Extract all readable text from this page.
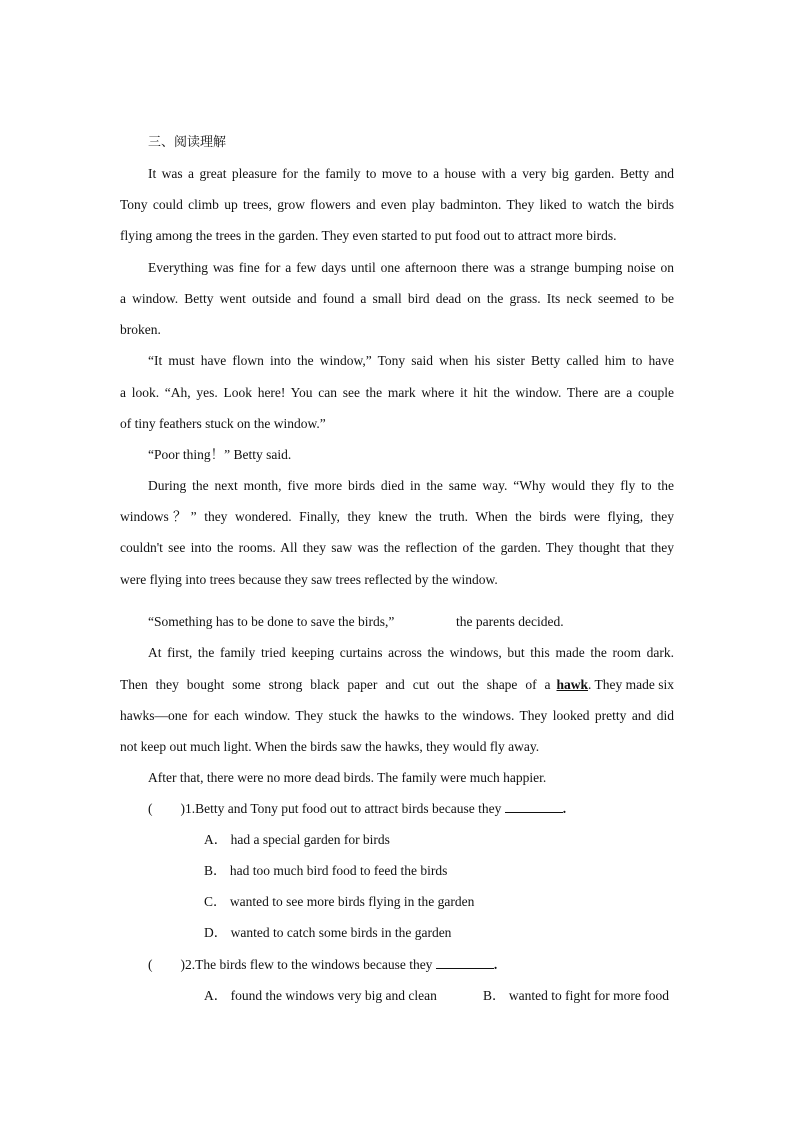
三、阅读理解
It was a great pleasure for the family to move to a house with a very big garden. Betty and
Tony could climb up trees, grow flowers and even play badminton. They liked to watch the birds
flying among the trees in the garden. They even started to put food out to attract more birds.
Everything was fine for a few days until one afternoon there was a strange bumping noise on
a window. Betty went outside and found a small bird dead on the grass. Its neck seemed to be
broken.
“It must have flown into the window,” Tony said when his sister Betty called him to have
a look. “Ah, yes. Look here! You can see the mark where it hit the window. There are a couple
of tiny feathers stuck on the window.”
“Poor thing！” Betty said.
During the next month, five more birds died in the same way. “Why would they fly to the
windows？” they wondered. Finally, they knew the truth. When the birds were flying, they
couldn't see into the rooms. All they saw was the reflection of the garden. They thought that they
were flying into trees because they saw trees reflected by the window.
“Something has to be done to save the birds,”	the parents decided.
At first, the family tried keeping curtains across the windows, but this made the room dark.
Then they bought some strong black paper and cut out the shape of a hawk . They made six
hawks—one for each window. They stuck the hawks to the windows. They looked pretty and did
not keep out much light. When the birds saw the hawks, they would fly away.
After that, there were no more dead birds. The family were much happier.
( )1.Betty and Tony put food out to attract birds because they	.
A． had a special garden for birds
B． had too much bird food to feed the birds
C． wanted to see more birds flying in the garden
D． wanted to catch some birds in the garden
( )2.The birds flew to the windows because they	.
A． found the windows very big and clean	B． wanted to fight for more food
